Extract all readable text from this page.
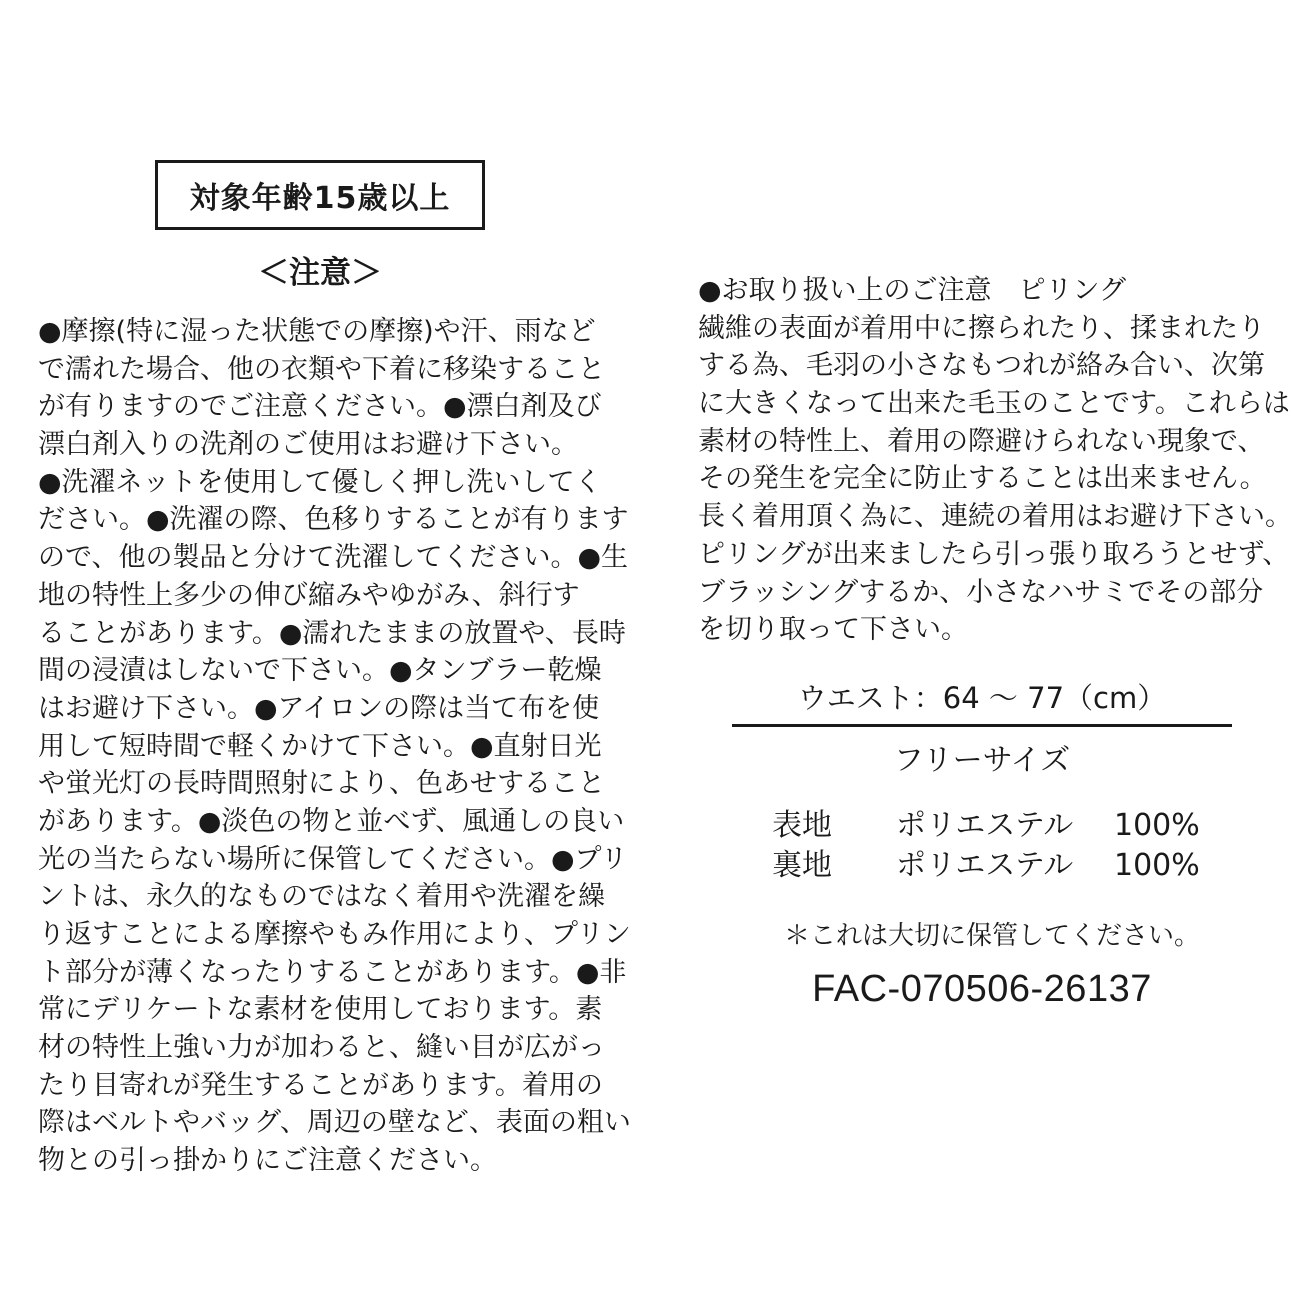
対象年齢15歳以上
＜注意＞
●摩擦(特に湿った状態での摩擦)や汗、雨など
で濡れた場合、他の衣類や下着に移染すること
が有りますのでご注意ください。●漂白剤及び
漂白剤入りの洗剤のご使用はお避け下さい。
●洗濯ネットを使用して優しく押し洗いしてく
ださい。●洗濯の際、色移りすることが有ります
ので、他の製品と分けて洗濯してください。●生
地の特性上多少の伸び縮みやゆがみ、斜行す
ることがあります。●濡れたままの放置や、長時
間の浸漬はしないで下さい。●タンブラー乾燥
はお避け下さい。●アイロンの際は当て布を使
用して短時間で軽くかけて下さい。●直射日光
や蛍光灯の長時間照射により、色あせすること
があります。●淡色の物と並べず、風通しの良い
光の当たらない場所に保管してください。●プリ
ントは、永久的なものではなく着用や洗濯を繰
り返すことによる摩擦やもみ作用により、プリン
ト部分が薄くなったりすることがあります。●非
常にデリケートな素材を使用しております。素
材の特性上強い力が加わると、縫い目が広がっ
たり目寄れが発生することがあります。着用の
際はベルトやバッグ、周辺の壁など、表面の粗い
物との引っ掛かりにご注意ください。
●お取り扱い上のご注意　ピリング
繊維の表面が着用中に擦られたり、揉まれたり
する為、毛羽の小さなもつれが絡み合い、次第
に大きくなって出来た毛玉のことです。これらは
素材の特性上、着用の際避けられない現象で、
その発生を完全に防止することは出来ません。
長く着用頂く為に、連続の着用はお避け下さい。
ピリングが出来ましたら引っ張り取ろうとせず、
ブラッシングするか、小さなハサミでその部分
を切り取って下さい。
ウエスト：64 ～ 77（cm）
フリーサイズ
表地 ポリエステル 100%
裏地 ポリエステル 100%
＊これは大切に保管してください。
FAC-070506-26137
